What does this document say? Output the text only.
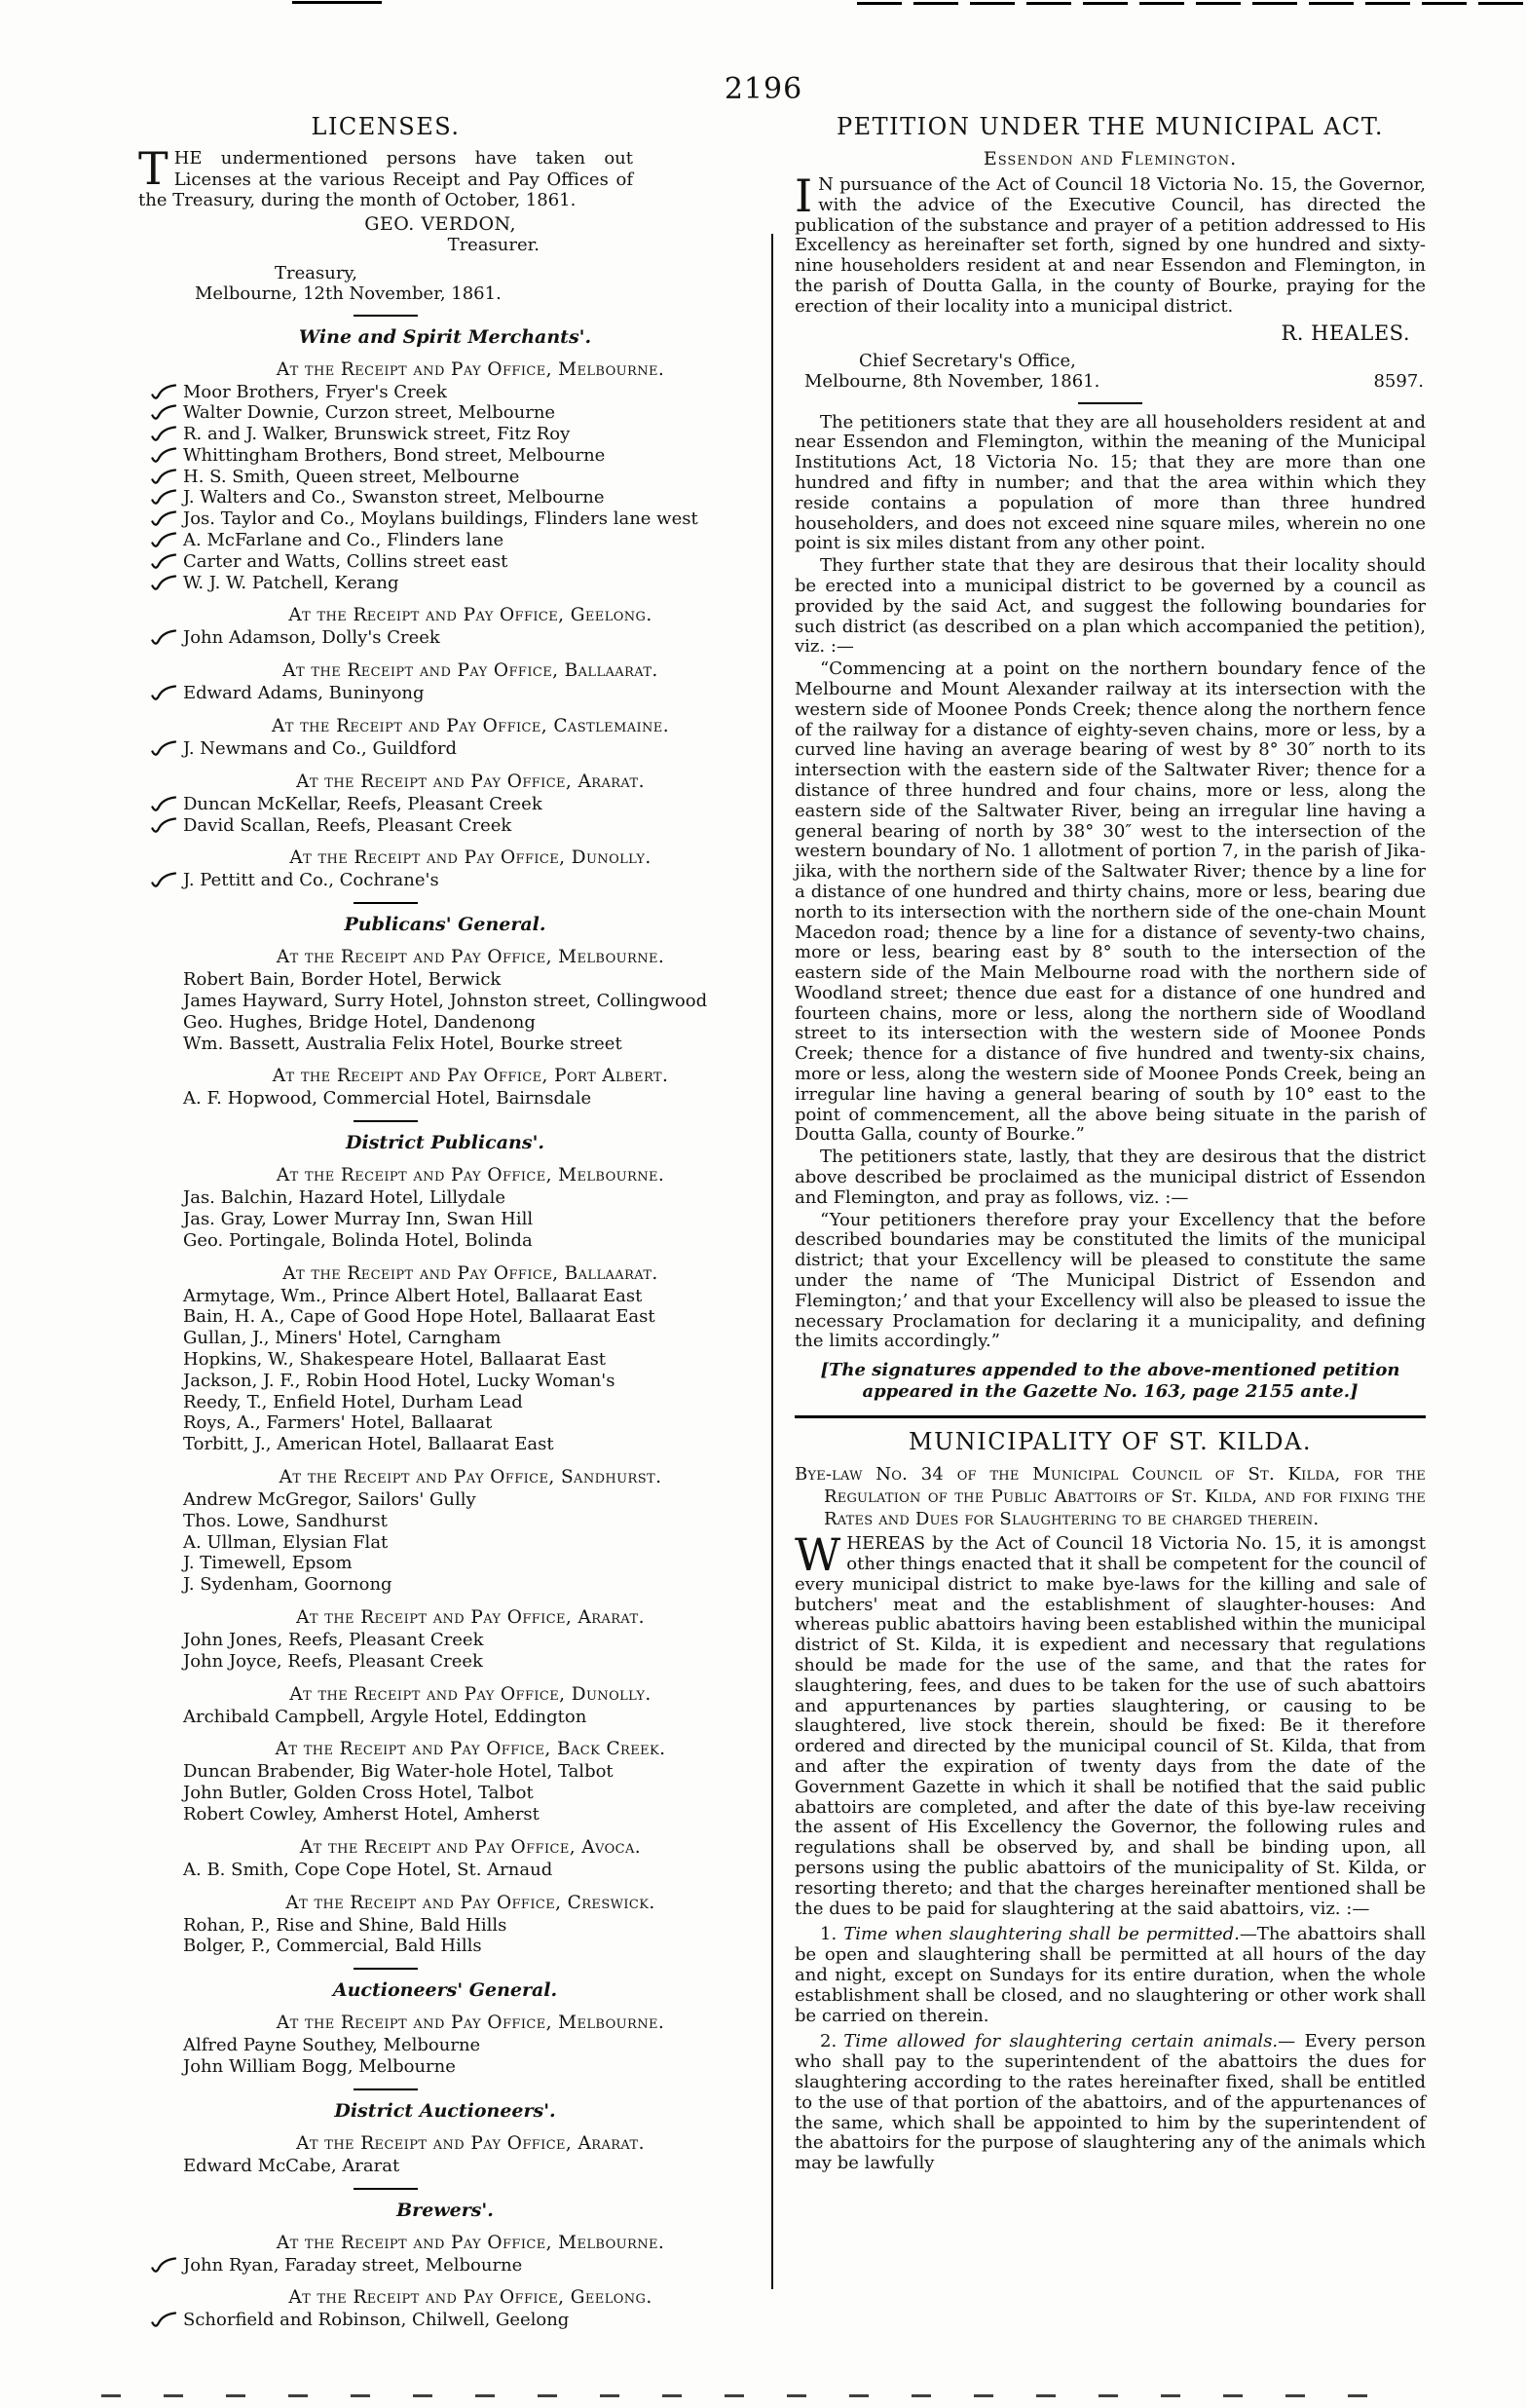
2196
LICENSES.

THE undermentioned persons have taken out Licenses at the various Receipt and Pay Offices of the Treasury, during the month of October, 1861.

GEO. VERDON,
Treasurer.
Treasury,
Melbourne, 12th November, 1861.
Wine and Spirit Merchants'.
At the Receipt and Pay Office, Melbourne.
Moor Brothers, Fryer's Creek
Walter Downie, Curzon street, Melbourne
R. and J. Walker, Brunswick street, Fitz Roy
Whittingham Brothers, Bond street, Melbourne
H. S. Smith, Queen street, Melbourne
J. Walters and Co., Swanston street, Melbourne
Jos. Taylor and Co., Moylans buildings, Flinders lane west
A. McFarlane and Co., Flinders lane
Carter and Watts, Collins street east
W. J. W. Patchell, Kerang
At the Receipt and Pay Office, Geelong.
John Adamson, Dolly's Creek
At the Receipt and Pay Office, Ballaarat.
Edward Adams, Buninyong
At the Receipt and Pay Office, Castlemaine.
J. Newmans and Co., Guildford
At the Receipt and Pay Office, Ararat.
Duncan McKellar, Reefs, Pleasant Creek
David Scallan, Reefs, Pleasant Creek
At the Receipt and Pay Office, Dunolly.
J. Pettitt and Co., Cochrane's
Publicans' General.
At the Receipt and Pay Office, Melbourne.
Robert Bain, Border Hotel, Berwick
James Hayward, Surry Hotel, Johnston street, Collingwood
Geo. Hughes, Bridge Hotel, Dandenong
Wm. Bassett, Australia Felix Hotel, Bourke street
At the Receipt and Pay Office, Port Albert.
A. F. Hopwood, Commercial Hotel, Bairnsdale
District Publicans'.
At the Receipt and Pay Office, Melbourne.
Jas. Balchin, Hazard Hotel, Lillydale
Jas. Gray, Lower Murray Inn, Swan Hill
Geo. Portingale, Bolinda Hotel, Bolinda
At the Receipt and Pay Office, Ballaarat.
Armytage, Wm., Prince Albert Hotel, Ballaarat East
Bain, H. A., Cape of Good Hope Hotel, Ballaarat East
Gullan, J., Miners' Hotel, Carngham
Hopkins, W., Shakespeare Hotel, Ballaarat East
Jackson, J. F., Robin Hood Hotel, Lucky Woman's
Reedy, T., Enfield Hotel, Durham Lead
Roys, A., Farmers' Hotel, Ballaarat
Torbitt, J., American Hotel, Ballaarat East
At the Receipt and Pay Office, Sandhurst.
Andrew McGregor, Sailors' Gully
Thos. Lowe, Sandhurst
A. Ullman, Elysian Flat
J. Timewell, Epsom
J. Sydenham, Goornong
At the Receipt and Pay Office, Ararat.
John Jones, Reefs, Pleasant Creek
John Joyce, Reefs, Pleasant Creek
At the Receipt and Pay Office, Dunolly.
Archibald Campbell, Argyle Hotel, Eddington
At the Receipt and Pay Office, Back Creek.
Duncan Brabender, Big Water-hole Hotel, Talbot
John Butler, Golden Cross Hotel, Talbot
Robert Cowley, Amherst Hotel, Amherst
At the Receipt and Pay Office, Avoca.
A. B. Smith, Cope Cope Hotel, St. Arnaud
At the Receipt and Pay Office, Creswick.
Rohan, P., Rise and Shine, Bald Hills
Bolger, P., Commercial, Bald Hills
Auctioneers' General.
At the Receipt and Pay Office, Melbourne.
Alfred Payne Southey, Melbourne
John William Bogg, Melbourne
District Auctioneers'.
At the Receipt and Pay Office, Ararat.
Edward McCabe, Ararat
Brewers'.
At the Receipt and Pay Office, Melbourne.
John Ryan, Faraday street, Melbourne
At the Receipt and Pay Office, Geelong.
Schorfield and Robinson, Chilwell, Geelong
PETITION UNDER THE MUNICIPAL ACT.
Essendon and Flemington.

I N pursuance of the Act of Council 18 Victoria No. 15, the Governor, with the advice of the Executive Council, has directed the publication of the substance and prayer of a petition addressed to His Excellency as hereinafter set forth, signed by one hundred and sixty-nine householders resident at and near Essendon and Flemington, in the parish of Doutta Galla, in the county of Bourke, praying for the erection of their locality into a municipal district.

R. HEALES.
Chief Secretary's Office,
Melbourne, 8th November, 1861.	8597.

The petitioners state that they are all householders resident at and near Essendon and Flemington, within the meaning of the Municipal Institutions Act, 18 Victoria No. 15; that they are more than one hundred and fifty in number; and that the area within which they reside contains a population of more than three hundred householders, and does not exceed nine square miles, wherein no one point is six miles distant from any other point.

They further state that they are desirous that their locality should be erected into a municipal district to be governed by a council as provided by the said Act, and suggest the following boundaries for such district (as described on a plan which accompanied the petition), viz. :—

“Commencing at a point on the northern boundary fence of the Melbourne and Mount Alexander railway at its intersection with the western side of Moonee Ponds Creek; thence along the northern fence of the railway for a distance of eighty-seven chains, more or less, by a curved line having an average bearing of west by 8° 30″ north to its intersection with the eastern side of the Saltwater River; thence for a distance of three hundred and four chains, more or less, along the eastern side of the Saltwater River, being an irregular line having a general bearing of north by 38° 30″ west to the intersection of the western boundary of No. 1 allotment of portion 7, in the parish of Jika-jika, with the northern side of the Saltwater River; thence by a line for a distance of one hundred and thirty chains, more or less, bearing due north to its intersection with the northern side of the one-chain Mount Macedon road; thence by a line for a distance of seventy-two chains, more or less, bearing east by 8° south to the intersection of the eastern side of the Main Melbourne road with the northern side of Woodland street; thence due east for a distance of one hundred and fourteen chains, more or less, along the northern side of Woodland street to its intersection with the western side of Moonee Ponds Creek; thence for a distance of five hundred and twenty-six chains, more or less, along the western side of Moonee Ponds Creek, being an irregular line having a general bearing of south by 10° east to the point of commencement, all the above being situate in the parish of Doutta Galla, county of Bourke.”

The petitioners state, lastly, that they are desirous that the district above described be proclaimed as the municipal district of Essendon and Flemington, and pray as follows, viz. :—

“Your petitioners therefore pray your Excellency that the before described boundaries may be constituted the limits of the municipal district; that your Excellency will be pleased to constitute the same under the name of ‘The Municipal District of Essendon and Flemington;’ and that your Excellency will also be pleased to issue the necessary Proclamation for declaring it a municipality, and defining the limits accordingly.”

[The signatures appended to the above-mentioned petition appeared in the Gazette No. 163, page 2155 ante.]

MUNICIPALITY OF ST. KILDA.
Bye-law No. 34 of the Municipal Council of St. Kilda, for the Regulation of the Public Abattoirs of St. Kilda, and for fixing the Rates and Dues for Slaughtering to be charged therein.

WHEREAS by the Act of Council 18 Victoria No. 15, it is amongst other things enacted that it shall be competent for the council of every municipal district to make bye-laws for the killing and sale of butchers' meat and the establishment of slaughter-houses: And whereas public abattoirs having been established within the municipal district of St. Kilda, it is expedient and necessary that regulations should be made for the use of the same, and that the rates for slaughtering, fees, and dues to be taken for the use of such abattoirs and appurtenances by parties slaughtering, or causing to be slaughtered, live stock therein, should be fixed: Be it therefore ordered and directed by the municipal council of St. Kilda, that from and after the expiration of twenty days from the date of the Government Gazette in which it shall be notified that the said public abattoirs are completed, and after the date of this bye-law receiving the assent of His Excellency the Governor, the following rules and regulations shall be observed by, and shall be binding upon, all persons using the public abattoirs of the municipality of St. Kilda, or resorting thereto; and that the charges hereinafter mentioned shall be the dues to be paid for slaughtering at the said abattoirs, viz. :—

1. Time when slaughtering shall be permitted.—The abattoirs shall be open and slaughtering shall be permitted at all hours of the day and night, except on Sundays for its entire duration, when the whole establishment shall be closed, and no slaughtering or other work shall be carried on therein.

2. Time allowed for slaughtering certain animals.— Every person who shall pay to the superintendent of the abattoirs the dues for slaughtering according to the rates hereinafter fixed, shall be entitled to the use of that portion of the abattoirs, and of the appurtenances of the same, which shall be appointed to him by the superintendent of the abattoirs for the purpose of slaughtering any of the animals which may be lawfully
